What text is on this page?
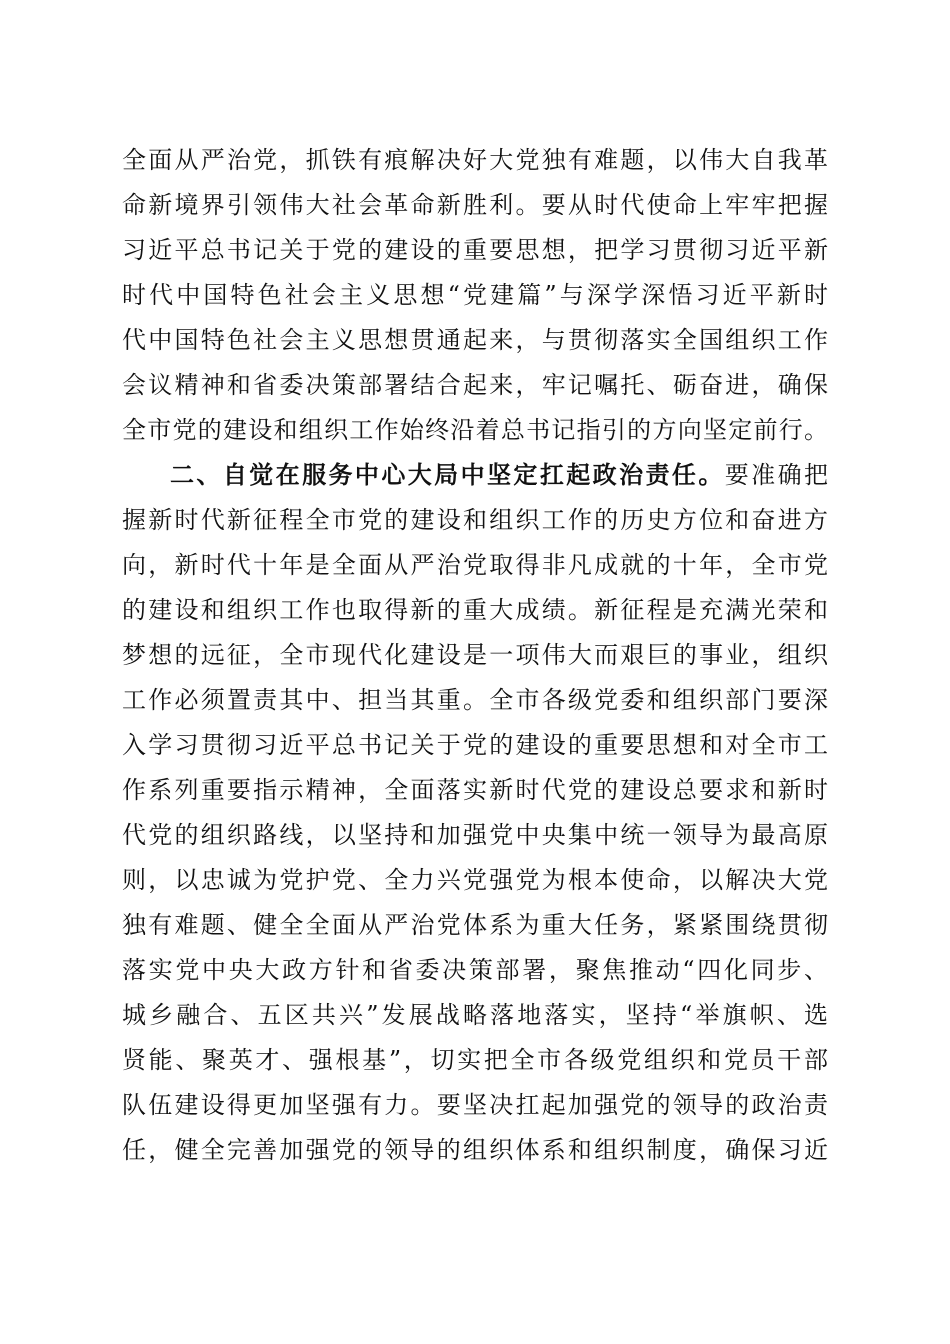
全面从严治党，抓铁有痕解决好大党独有难题，以伟大自我革
命新境界引领伟大社会革命新胜利。要从时代使命上牢牢把握
习近平总书记关于党的建设的重要思想，把学习贯彻习近平新
时代中国特色社会主义思想“党建篇”与深学深悟习近平新时
代中国特色社会主义思想贯通起来，与贯彻落实全国组织工作
会议精神和省委决策部署结合起来，牢记嘱托、砺奋进，确保
全市党的建设和组织工作始终沿着总书记指引的方向坚定前行。
二、自觉在服务中心大局中坚定扛起政治责任。要准确把
握新时代新征程全市党的建设和组织工作的历史方位和奋进方
向，新时代十年是全面从严治党取得非凡成就的十年，全市党
的建设和组织工作也取得新的重大成绩。新征程是充满光荣和
梦想的远征，全市现代化建设是一项伟大而艰巨的事业，组织
工作必须置责其中、担当其重。全市各级党委和组织部门要深
入学习贯彻习近平总书记关于党的建设的重要思想和对全市工
作系列重要指示精神，全面落实新时代党的建设总要求和新时
代党的组织路线，以坚持和加强党中央集中统一领导为最高原
则，以忠诚为党护党、全力兴党强党为根本使命，以解决大党
独有难题、健全全面从严治党体系为重大任务，紧紧围绕贯彻
落实党中央大政方针和省委决策部署，聚焦推动“四化同步、
城乡融合、五区共兴”发展战略落地落实，坚持“举旗帜、选
贤能、聚英才、强根基”，切实把全市各级党组织和党员干部
队伍建设得更加坚强有力。要坚决扛起加强党的领导的政治责
任，健全完善加强党的领导的组织体系和组织制度，确保习近
